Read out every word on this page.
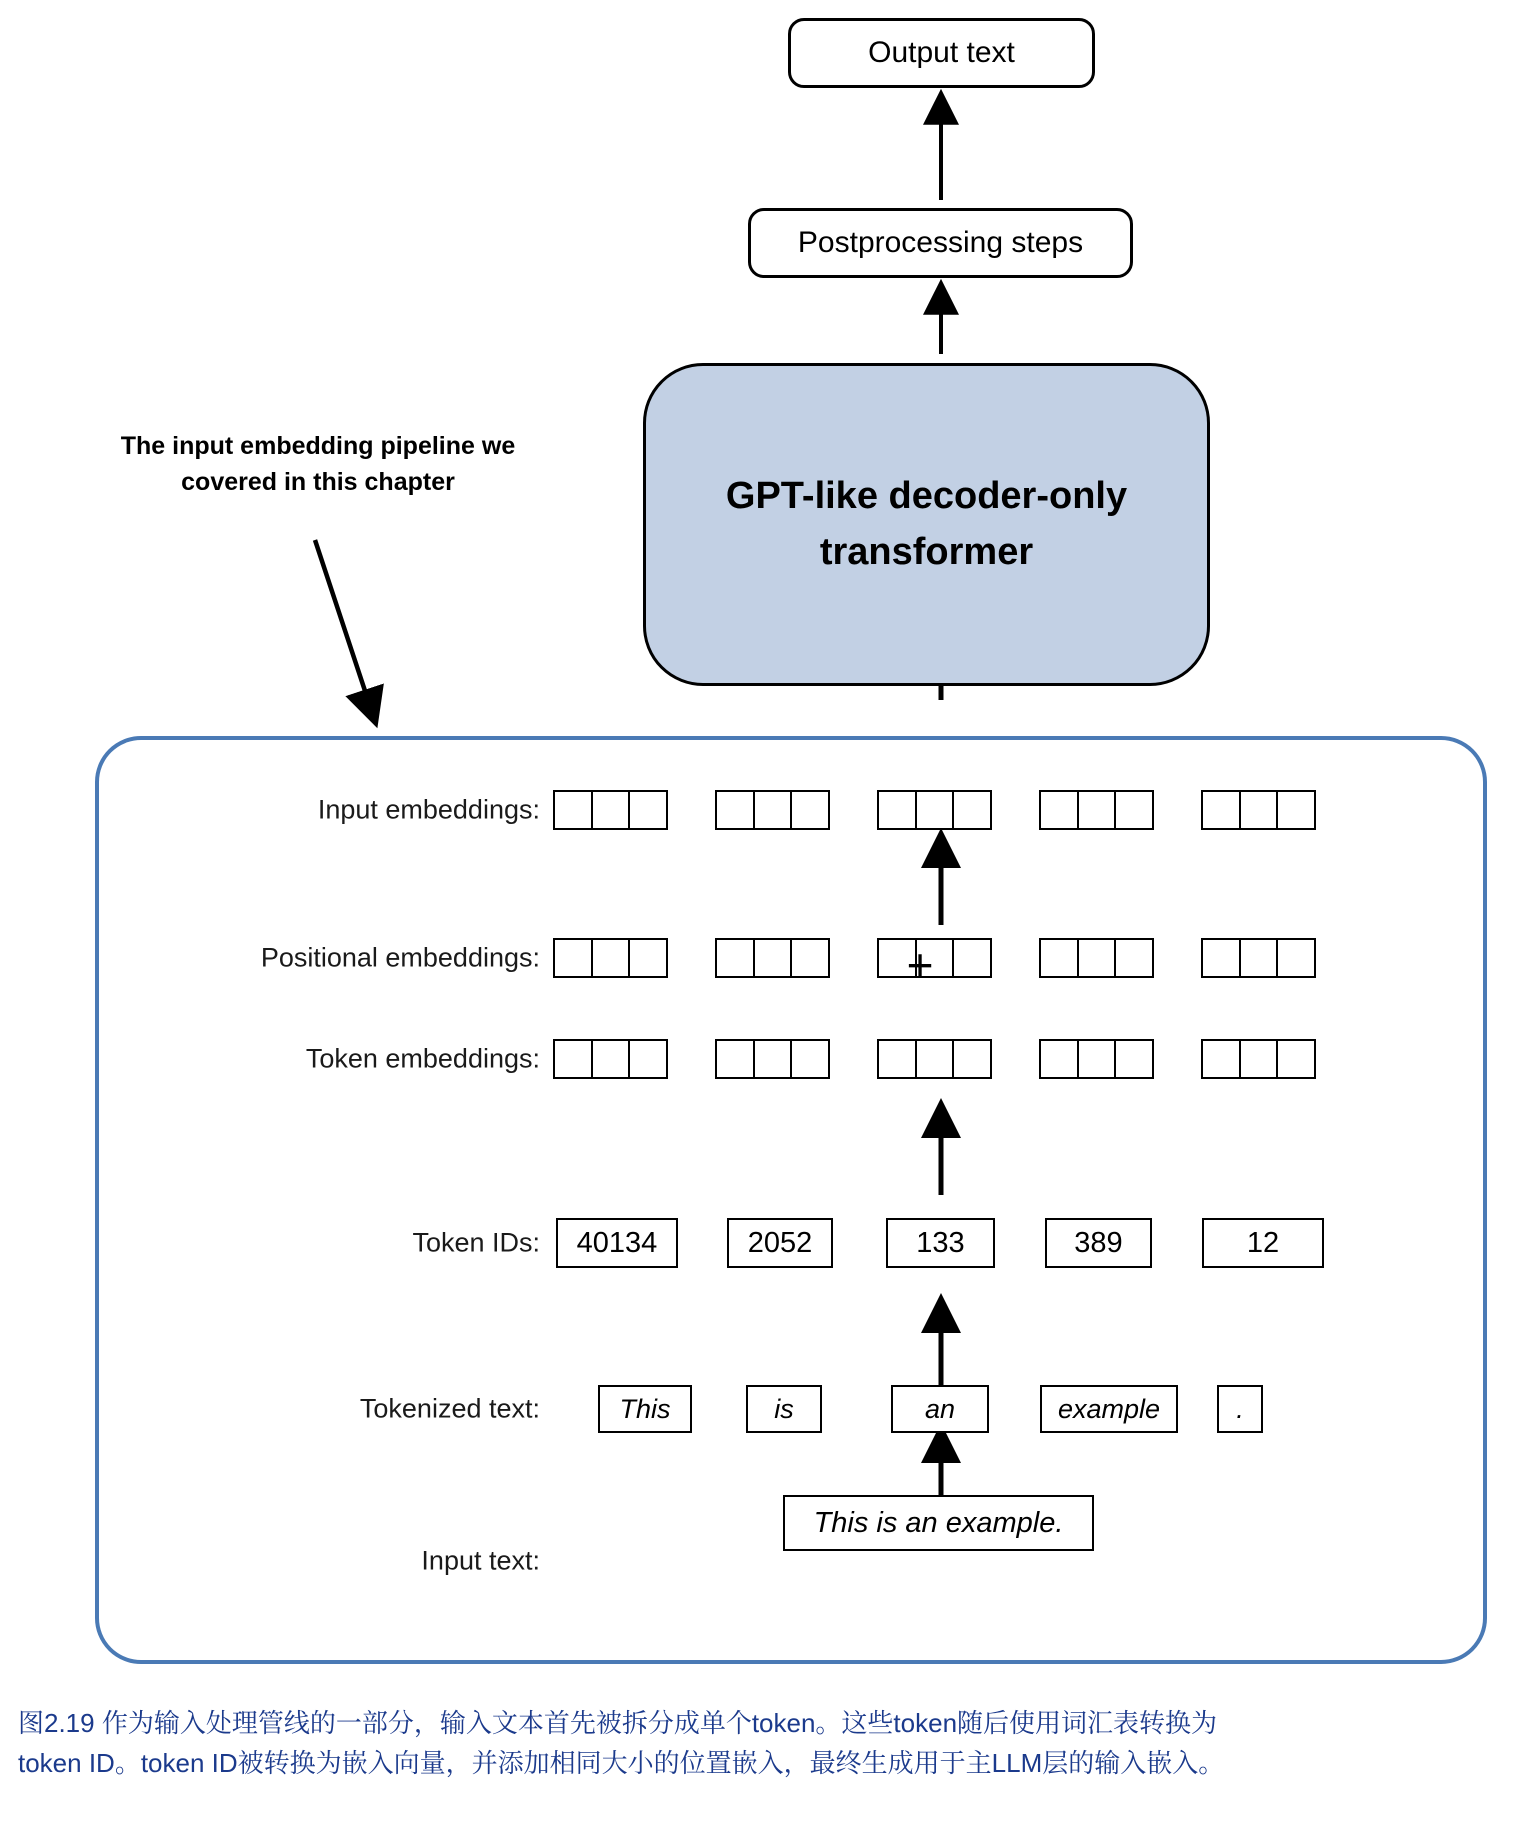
Output text
Postprocessing steps
GPT-like decoder-only transformer
The input embedding pipeline we covered in this chapter
Input embeddings:
Positional embeddings:
Token embeddings:
Token IDs:
Tokenized text:
Input text:
+
40134	2052	133	389	12
This	is	an	example	.
This is an example.
图2.19 作为输入处理管线的一部分，输入文本首先被拆分成单个token。这些token随后使用词汇表转换为
token ID。token ID被转换为嵌入向量，并添加相同大小的位置嵌入，最终生成用于主LLM层的输入嵌入。
